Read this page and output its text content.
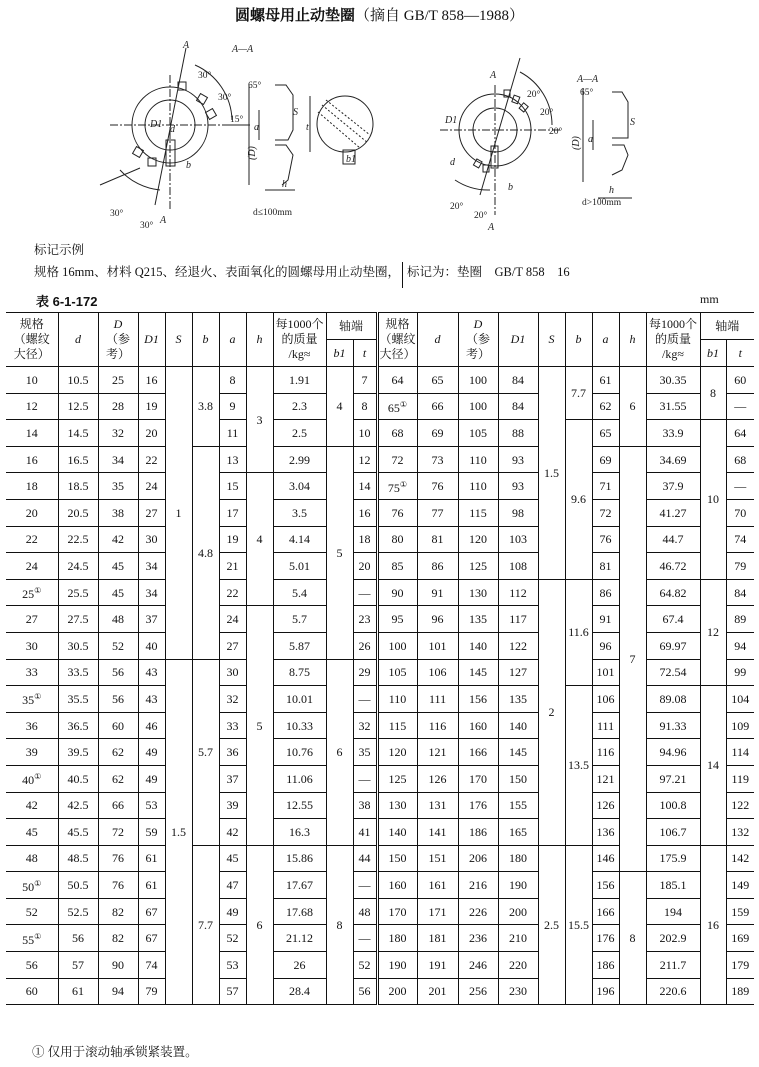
圆螺母用止动垫圈（摘自 GB/T 858—1988）
A
A
A—A
D1 d
b
(D)
a
h
S
t
b1
A
A
A—A
D1
d
b
(D) a
h
S
30°
30°
15°
30°
30°
65°
20°
20°
20°
20°
20°
65°
d≤100mm
d>100mm
标记示例
规格 16mm、材料 Q215、经退火、表面氧化的圆螺母用止动垫圈， 标记为：垫圈　GB/T 858　16
表 6-1-172	mm
规格
（螺纹
大径）	d	D
（参
考）	D1	S	b	a	h	每1000个
的质量
/kg≈	轴端		规格
（螺纹
大径）	d	D
（参
考）	D1	S	b	a	h	每1000个
的质量
/kg≈	轴端	
									b1	t										b1	t
10	10.5	25	16	1	3.8	8	3	1.91	4	7	64	65	100	84	1.5	7.7	61	6	30.35	8	60
12	12.5	28	19			9		2.3		8	65①	66	100	84			62		31.55		—
14	14.5	32	20			11		2.5		10	68	69	105	88		9.6	65		33.9	10	64
16	16.5	34	22		4.8	13		2.99	5	12	72	73	110	93			69	7	34.69		68
18	18.5	35	24			15	4	3.04		14	75①	76	110	93			71		37.9		—
20	20.5	38	27			17		3.5		16	76	77	115	98			72		41.27		70
22	22.5	42	30			19		4.14		18	80	81	120	103			76		44.7		74
24	24.5	45	34			21		5.01		20	85	86	125	108			81		46.72		79
25①	25.5	45	34			22		5.4		—	90	91	130	112	2	11.6	86		64.82	12	84
27	27.5	48	37			24	5	5.7		23	95	96	135	117			91		67.4		89
30	30.5	52	40			27		5.87		26	100	101	140	122			96		69.97		94
33	33.5	56	43	1.5	5.7	30		8.75	6	29	105	106	145	127			101		72.54		99
35①	35.5	56	43			32		10.01		—	110	111	156	135		13.5	106		89.08	14	104
36	36.5	60	46			33		10.33		32	115	116	160	140			111		91.33		109
39	39.5	62	49			36		10.76		35	120	121	166	145			116		94.96		114
40①	40.5	62	49			37		11.06		—	125	126	170	150			121		97.21		119
42	42.5	66	53			39		12.55		38	130	131	176	155			126		100.8		122
45	45.5	72	59			42		16.3		41	140	141	186	165			136		106.7		132
48	48.5	76	61		7.7	45	6	15.86	8	44	150	151	206	180	2.5	15.5	146		175.9	16	142
50①	50.5	76	61			47		17.67		—	160	161	216	190			156	8	185.1		149
52	52.5	82	67			49		17.68		48	170	171	226	200			166		194		159
55①	56	82	67			52		21.12		—	180	181	236	210			176		202.9		169
56	57	90	74			53		26		52	190	191	246	220			186		211.7		179
60	61	94	79			57		28.4		56	200	201	256	230			196		220.6		189
① 仅用于滚动轴承锁紧装置。
